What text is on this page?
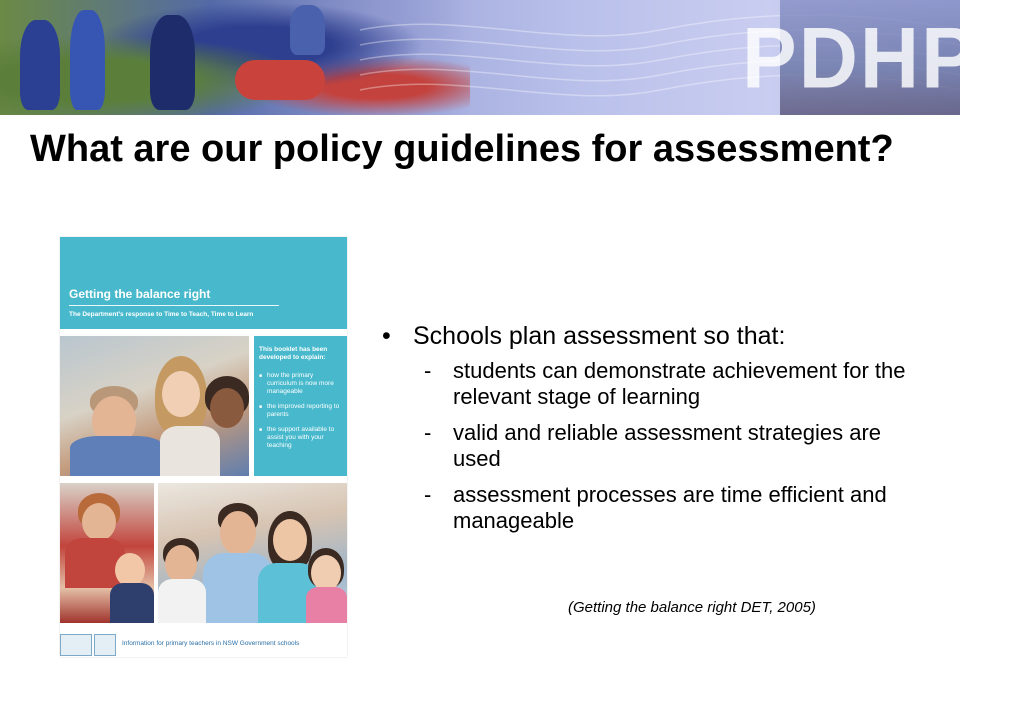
PDHPE
What are our policy guidelines for assessment?
Getting the balance right
The Department’s response to Time to Teach, Time to Learn
This booklet has been developed to explain:
■ how the primary curriculum is now more manageable
■ the improved reporting to parents
■ the support available to assist you with your teaching
Information for primary teachers in NSW Government schools

• Schools plan assessment so that:

- students can demonstrate achievement for the relevant stage of learning

- valid and reliable assessment strategies are used

- assessment processes are time efficient and manageable

(Getting the balance right DET, 2005)
